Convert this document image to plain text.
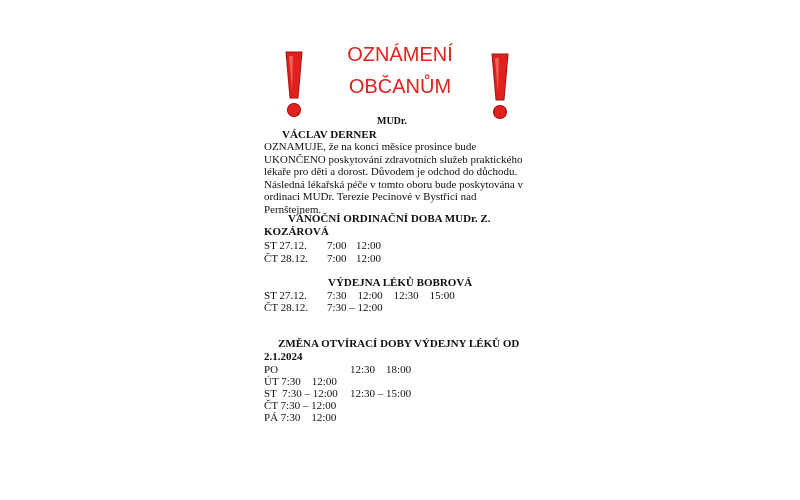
OZNÁMENÍ
OBČANŮM
MUDr.
VÁCLAV DERNER
OZNAMUJE, že na konci měsíce prosince bude UKONČENO poskytování zdravotních služeb praktického lékaře pro děti a dorost. Důvodem je odchod do důchodu. Následná lékařská péče v tomto oboru bude poskytována v ordinaci MUDr. Terezie Pecinové v Bystřici nad Pernštejnem.
VÁNOČNÍ ORDINAČNÍ DOBA MUDr. Z.
KOZÁROVÁ
ST 27.12. 7:00 12:00
ČT 28.12. 7:00 12:00
VÝDEJNA LÉKŮ BOBROVÁ
ST 27.12. 7:30    12:00    12:30    15:00
ČT 28.12. 7:30 – 12:00
ZMĚNA OTVÍRACÍ DOBY VÝDEJNY LÉKŮ OD
2.1.2024
PO	12:30    18:00
ÚT 7:30    12:00
ST  7:30 – 12:00 12:30 – 15:00
ČT 7:30 – 12:00
PÁ 7:30    12:00
